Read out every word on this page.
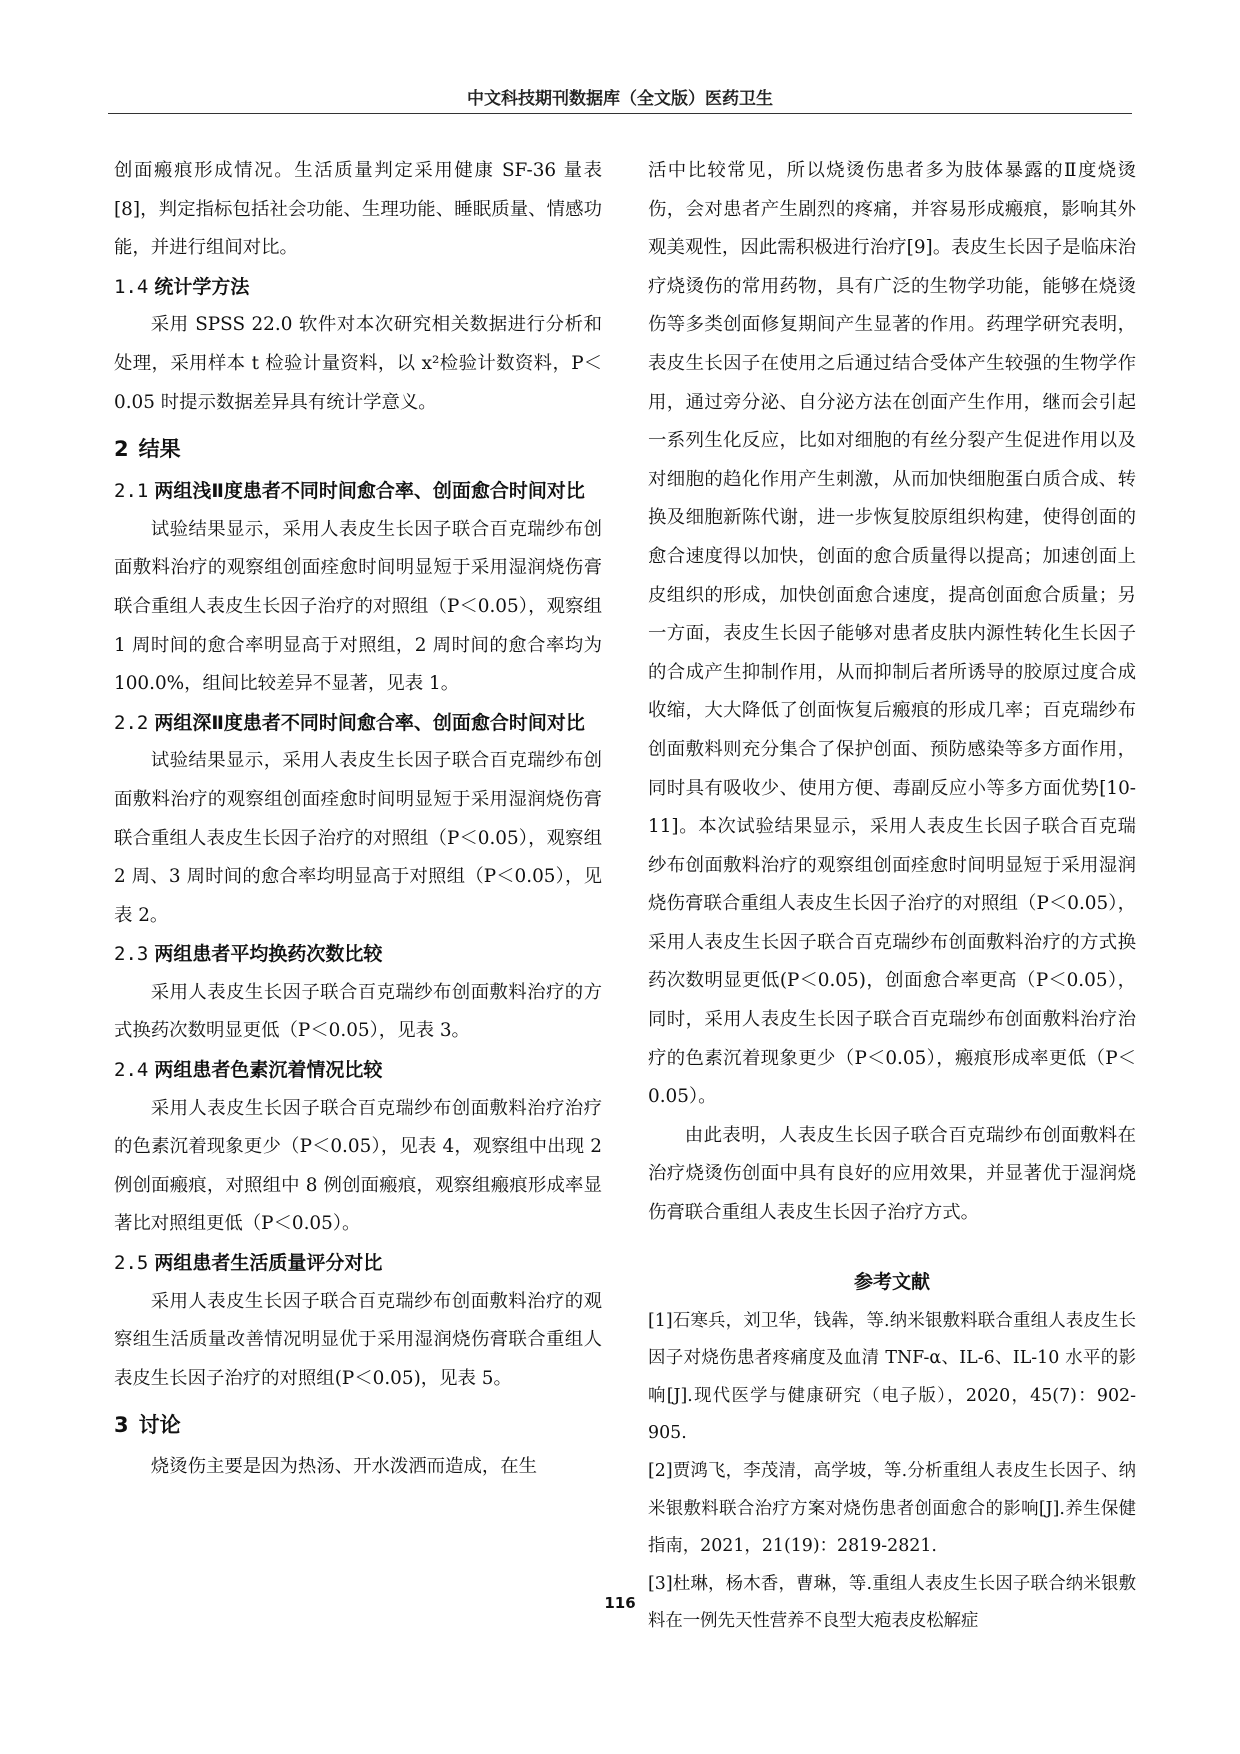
中文科技期刊数据库（全文版）医药卫生

创面瘢痕形成情况。生活质量判定采用健康 SF-36 量表[8]，判定指标包括社会功能、生理功能、睡眠质量、情感功能，并进行组间对比。

1.4 统计学方法

采用 SPSS 22.0 软件对本次研究相关数据进行分析和处理，采用样本 t 检验计量资料，以 x²检验计数资料，P＜0.05 时提示数据差异具有统计学意义。

2 结果
2.1 两组浅Ⅱ度患者不同时间愈合率、创面愈合时间对比

试验结果显示，采用人表皮生长因子联合百克瑞纱布创面敷料治疗的观察组创面痊愈时间明显短于采用湿润烧伤膏联合重组人表皮生长因子治疗的对照组（P＜0.05），观察组 1 周时间的愈合率明显高于对照组，2 周时间的愈合率均为 100.0%，组间比较差异不显著，见表 1。

2.2 两组深Ⅱ度患者不同时间愈合率、创面愈合时间对比

试验结果显示，采用人表皮生长因子联合百克瑞纱布创面敷料治疗的观察组创面痊愈时间明显短于采用湿润烧伤膏联合重组人表皮生长因子治疗的对照组（P＜0.05），观察组 2 周、3 周时间的愈合率均明显高于对照组（P＜0.05），见表 2。

2.3 两组患者平均换药次数比较

采用人表皮生长因子联合百克瑞纱布创面敷料治疗的方式换药次数明显更低（P＜0.05），见表 3。

2.4 两组患者色素沉着情况比较

采用人表皮生长因子联合百克瑞纱布创面敷料治疗治疗的色素沉着现象更少（P＜0.05），见表 4，观察组中出现 2 例创面瘢痕，对照组中 8 例创面瘢痕，观察组瘢痕形成率显著比对照组更低（P＜0.05）。

2.5 两组患者生活质量评分对比

采用人表皮生长因子联合百克瑞纱布创面敷料治疗的观察组生活质量改善情况明显优于采用湿润烧伤膏联合重组人表皮生长因子治疗的对照组(P＜0.05)，见表 5。

3 讨论

烧烫伤主要是因为热汤、开水泼洒而造成，在生

活中比较常见，所以烧烫伤患者多为肢体暴露的Ⅱ度烧烫伤，会对患者产生剧烈的疼痛，并容易形成瘢痕，影响其外观美观性，因此需积极进行治疗[9]。表皮生长因子是临床治疗烧烫伤的常用药物，具有广泛的生物学功能，能够在烧烫伤等多类创面修复期间产生显著的作用。药理学研究表明，表皮生长因子在使用之后通过结合受体产生较强的生物学作用，通过旁分泌、自分泌方法在创面产生作用，继而会引起一系列生化反应，比如对细胞的有丝分裂产生促进作用以及对细胞的趋化作用产生刺激，从而加快细胞蛋白质合成、转换及细胞新陈代谢，进一步恢复胶原组织构建，使得创面的愈合速度得以加快，创面的愈合质量得以提高；加速创面上皮组织的形成，加快创面愈合速度，提高创面愈合质量；另一方面，表皮生长因子能够对患者皮肤内源性转化生长因子的合成产生抑制作用，从而抑制后者所诱导的胶原过度合成收缩，大大降低了创面恢复后瘢痕的形成几率；百克瑞纱布创面敷料则充分集合了保护创面、预防感染等多方面作用，同时具有吸收少、使用方便、毒副反应小等多方面优势[10-11]。本次试验结果显示，采用人表皮生长因子联合百克瑞纱布创面敷料治疗的观察组创面痊愈时间明显短于采用湿润烧伤膏联合重组人表皮生长因子治疗的对照组（P＜0.05），采用人表皮生长因子联合百克瑞纱布创面敷料治疗的方式换药次数明显更低(P＜0.05)，创面愈合率更高（P＜0.05），同时，采用人表皮生长因子联合百克瑞纱布创面敷料治疗治疗的色素沉着现象更少（P＜0.05），瘢痕形成率更低（P＜0.05）。

由此表明，人表皮生长因子联合百克瑞纱布创面敷料在治疗烧烫伤创面中具有良好的应用效果，并显著优于湿润烧伤膏联合重组人表皮生长因子治疗方式。

参考文献

[1]石寒兵，刘卫华，钱犇，等.纳米银敷料联合重组人表皮生长因子对烧伤患者疼痛度及血清 TNF-α、IL-6、IL-10 水平的影响[J].现代医学与健康研究（电子版），2020，45(7)：902-905.

[2]贾鸿飞，李茂清，高学坡，等.分析重组人表皮生长因子、纳米银敷料联合治疗方案对烧伤患者创面愈合的影响[J].养生保健指南，2021，21(19)：2819-2821.

[3]杜琳，杨木香，曹琳，等.重组人表皮生长因子联合纳米银敷料在一例先天性营养不良型大疱表皮松解症

116
